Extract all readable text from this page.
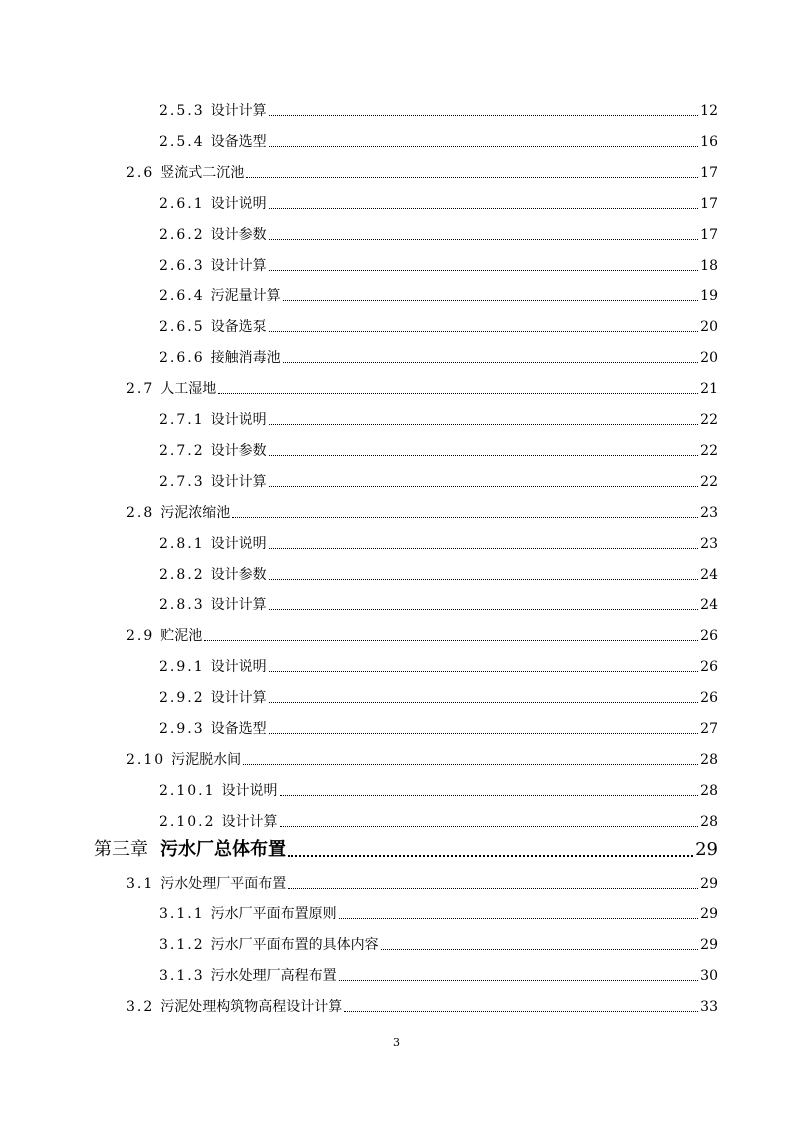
2.5.3 设计计算	12
2.5.4 设备选型	16
2.6 竖流式二沉池	17
2.6.1 设计说明	17
2.6.2 设计参数	17
2.6.3 设计计算	18
2.6.4 污泥量计算	19
2.6.5 设备选泵	20
2.6.6 接触消毒池	20
2.7 人工湿地	21
2.7.1 设计说明	22
2.7.2 设计参数	22
2.7.3 设计计算	22
2.8 污泥浓缩池	23
2.8.1 设计说明	23
2.8.2 设计参数	24
2.8.3 设计计算	24
2.9 贮泥池	26
2.9.1 设计说明	26
2.9.2 设计计算	26
2.9.3 设备选型	27
2.10 污泥脱水间	28
2.10.1 设计说明	28
2.10.2 设计计算	28
第三章 污水厂总体布置	29
3.1 污水处理厂平面布置	29
3.1.1 污水厂平面布置原则	29
3.1.2 污水厂平面布置的具体内容	29
3.1.3 污水处理厂高程布置	30
3.2 污泥处理构筑物高程设计计算	33
3
